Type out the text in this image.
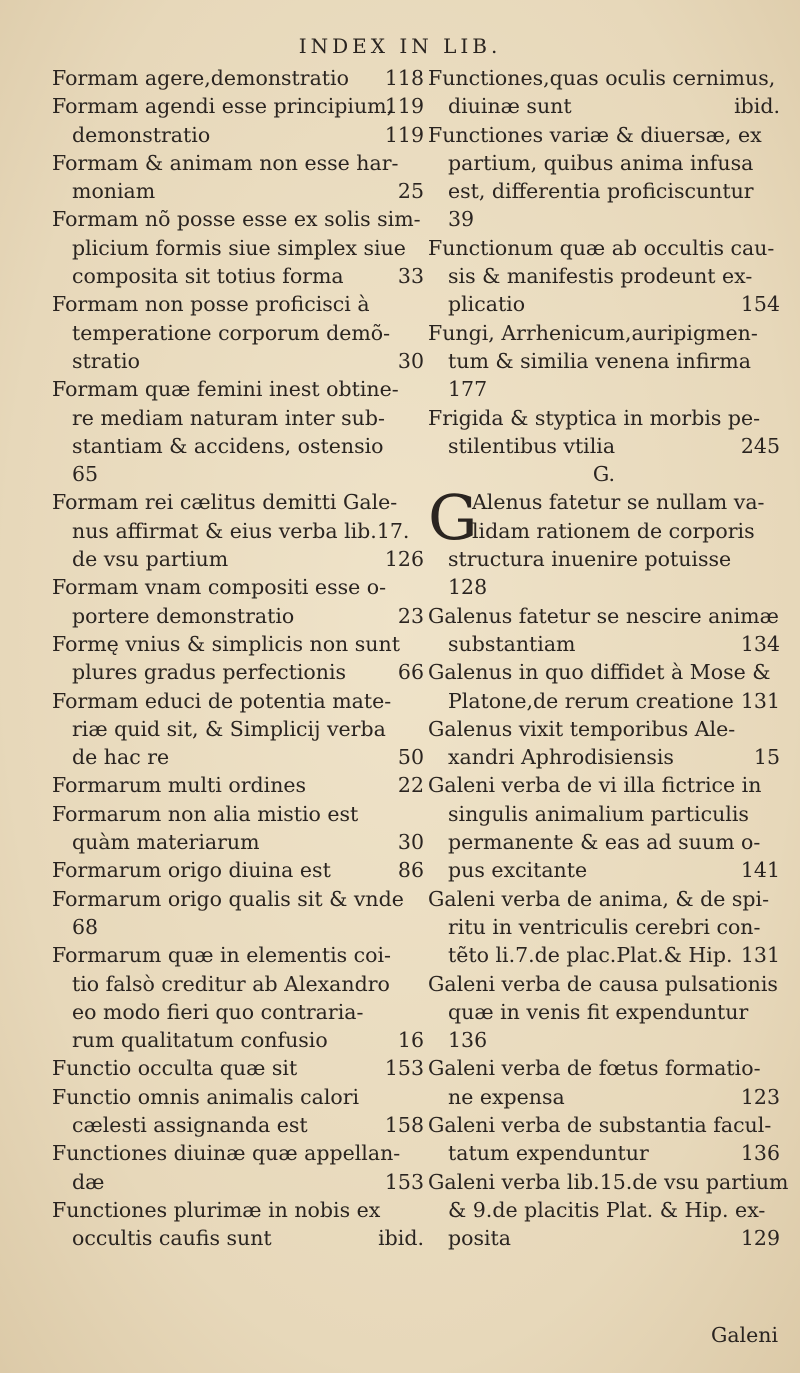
INDEX IN LIB.
Formam agere,demonstratio 118
Formam agendi esse principium,
119
demonstratio	119
Formam & animam non esse har-
moniam	25
Formam nõ posse esse ex solis sim-
plicium formis siue simplex siue
composita sit totius forma	33
Formam non posse proficisci à
temperatione corporum demõ-
stratio	30
Formam quæ femini inest obtine-
re mediam naturam inter sub-
stantiam & accidens, ostensio
65
Formam rei cælitus demitti Gale-
nus affirmat & eius verba lib.17.
de vsu partium	126
Formam vnam compositi esse o-
portere demonstratio	23
Formę vnius & simplicis non sunt
plures gradus perfectionis	66
Formam educi de potentia mate-
riæ quid sit, & Simplicij verba
de hac re	50
Formarum multi ordines	22
Formarum non alia mistio est
quàm materiarum	30
Formarum origo diuina est	86
Formarum origo qualis sit & vnde
68
Formarum quæ in elementis coi-
tio falsò creditur ab Alexandro
eo modo fieri quo contraria-
rum qualitatum confusio	16
Functio occulta quæ sit	153
Functio omnis animalis calori
cælesti assignanda est	158
Functiones diuinæ quæ appellan-
dæ	153
Functiones plurimæ in nobis ex
occultis caufis sunt	ibid.
Functiones,quas oculis cernimus,
diuinæ sunt	ibid.
Functiones variæ & diuersæ, ex
partium, quibus anima infusa
est, differentia proficiscuntur
39
Functionum quæ ab occultis cau-
sis & manifestis prodeunt ex-
plicatio	154
Fungi, Arrhenicum,auripigmen-
tum & similia venena infirma
177
Frigida & styptica in morbis pe-
stilentibus vtilia	245
G.
G
Alenus fatetur se nullam va-
lidam rationem de corporis
structura inuenire potuisse
128
Galenus fatetur se nescire animæ
substantiam	134
Galenus in quo diffidet à Mose &
Platone,de rerum creatione 131
Galenus vixit temporibus Ale-
xandri Aphrodisiensis	15
Galeni verba de vi illa fictrice in
singulis animalium particulis
permanente & eas ad suum o-
pus excitante	141
Galeni verba de anima, & de spi-
ritu in ventriculis cerebri con-
tẽto li.7.de plac.Plat.& Hip. 131
Galeni verba de causa pulsationis
quæ in venis fit expenduntur
136
Galeni verba de fœtus formatio-
ne expensa	123
Galeni verba de substantia facul-
tatum expenduntur	136
Galeni verba lib.15.de vsu partium
& 9.de placitis Plat. & Hip. ex-
posita	129
Galeni
